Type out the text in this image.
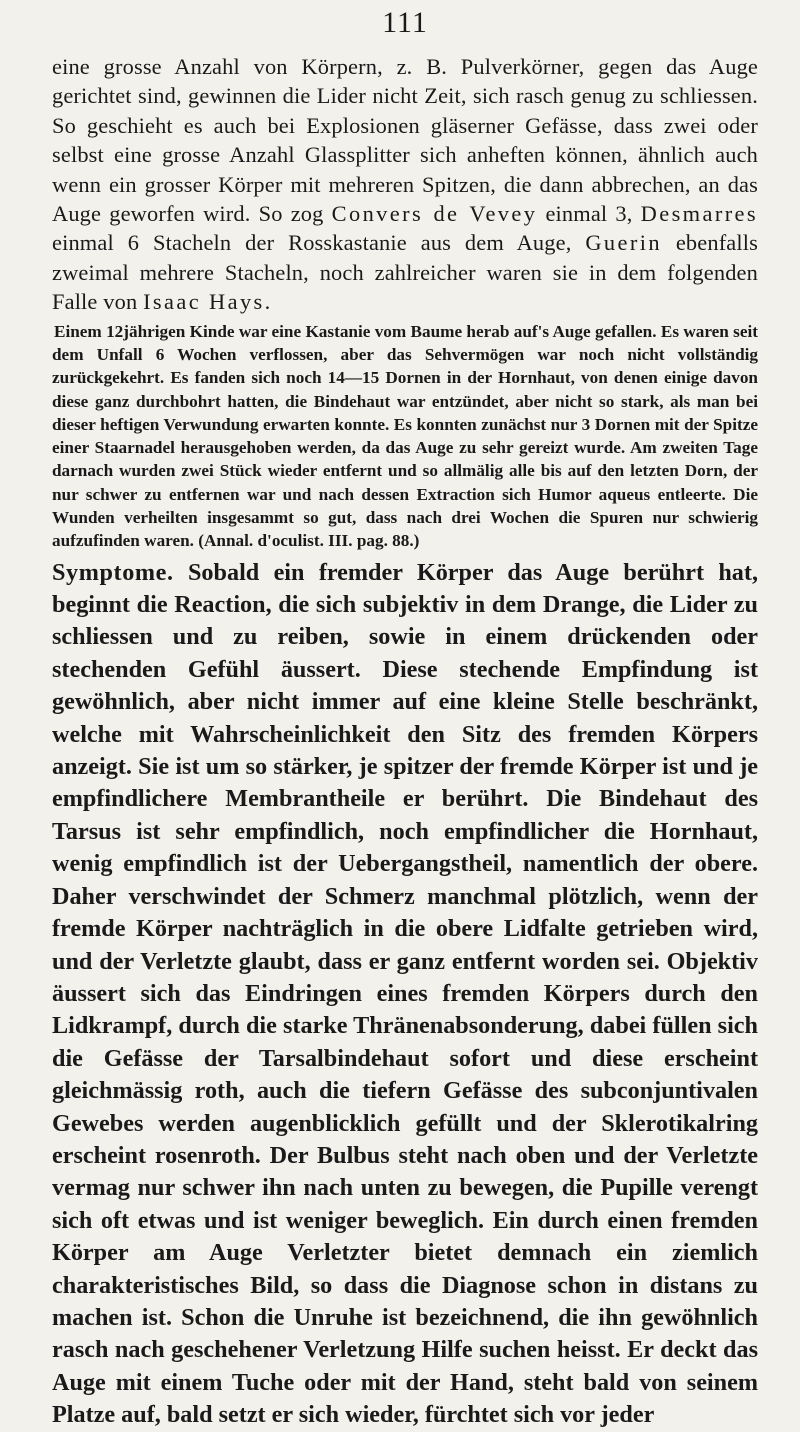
111

eine grosse Anzahl von Körpern, z. B. Pulverkörner, gegen das Auge gerichtet sind, gewinnen die Lider nicht Zeit, sich rasch genug zu schliessen. So geschieht es auch bei Explosionen gläserner Gefässe, dass zwei oder selbst eine grosse Anzahl Glassplitter sich anheften können, ähnlich auch wenn ein grosser Körper mit mehreren Spitzen, die dann abbrechen, an das Auge geworfen wird. So zog Convers de Vevey einmal 3, Desmarres einmal 6 Stacheln der Rosskastanie aus dem Auge, Guerin ebenfalls zweimal mehrere Stacheln, noch zahlreicher waren sie in dem folgenden Falle von Isaac Hays.

Einem 12jährigen Kinde war eine Kastanie vom Baume herab auf's Auge gefallen. Es waren seit dem Unfall 6 Wochen verflossen, aber das Sehvermögen war noch nicht vollständig zurückgekehrt. Es fanden sich noch 14—15 Dornen in der Hornhaut, von denen einige davon diese ganz durchbohrt hatten, die Bindehaut war entzündet, aber nicht so stark, als man bei dieser heftigen Verwundung erwarten konnte. Es konnten zunächst nur 3 Dornen mit der Spitze einer Staarnadel herausgehoben werden, da das Auge zu sehr gereizt wurde. Am zweiten Tage darnach wurden zwei Stück wieder entfernt und so allmälig alle bis auf den letzten Dorn, der nur schwer zu entfernen war und nach dessen Extraction sich Humor aqueus entleerte. Die Wunden verheilten insgesammt so gut, dass nach drei Wochen die Spuren nur schwierig aufzufinden waren. (Annal. d'oculist. III. pag. 88.)

Symptome. Sobald ein fremder Körper das Auge berührt hat, beginnt die Reaction, die sich subjektiv in dem Drange, die Lider zu schliessen und zu reiben, sowie in einem drückenden oder stechenden Gefühl äussert. Diese stechende Empfindung ist gewöhnlich, aber nicht immer auf eine kleine Stelle beschränkt, welche mit Wahrscheinlichkeit den Sitz des fremden Körpers anzeigt. Sie ist um so stärker, je spitzer der fremde Körper ist und je empfindlichere Membrantheile er berührt. Die Bindehaut des Tarsus ist sehr empfindlich, noch empfindlicher die Hornhaut, wenig empfindlich ist der Uebergangstheil, namentlich der obere. Daher verschwindet der Schmerz manchmal plötzlich, wenn der fremde Körper nachträglich in die obere Lidfalte getrieben wird, und der Verletzte glaubt, dass er ganz entfernt worden sei. Objektiv äussert sich das Eindringen eines fremden Körpers durch den Lidkrampf, durch die starke Thränenabsonderung, dabei füllen sich die Gefässe der Tarsalbindehaut sofort und diese erscheint gleichmässig roth, auch die tiefern Gefässe des subconjuntivalen Gewebes werden augenblicklich gefüllt und der Sklerotikalring erscheint rosenroth. Der Bulbus steht nach oben und der Verletzte vermag nur schwer ihn nach unten zu bewegen, die Pupille verengt sich oft etwas und ist weniger beweglich. Ein durch einen fremden Körper am Auge Verletzter bietet demnach ein ziemlich charakteristisches Bild, so dass die Diagnose schon in distans zu machen ist. Schon die Unruhe ist bezeichnend, die ihn gewöhnlich rasch nach geschehener Verletzung Hilfe suchen heisst. Er deckt das Auge mit einem Tuche oder mit der Hand, steht bald von seinem Platze auf, bald setzt er sich wieder, fürchtet sich vor jeder
